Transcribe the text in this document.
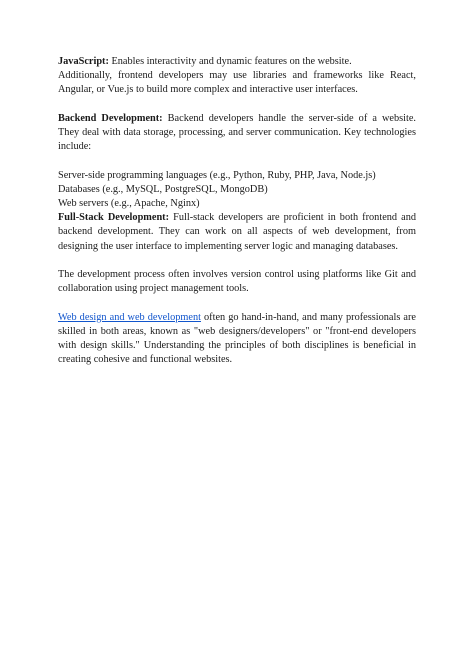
JavaScript: Enables interactivity and dynamic features on the website.

Additionally, frontend developers may use libraries and frameworks like React, Angular, or Vue.js to build more complex and interactive user interfaces.

Backend Development: Backend developers handle the server-side of a website. They deal with data storage, processing, and server communication. Key technologies include:

Server-side programming languages (e.g., Python, Ruby, PHP, Java, Node.js)

Databases (e.g., MySQL, PostgreSQL, MongoDB)

Web servers (e.g., Apache, Nginx)

Full-Stack Development: Full-stack developers are proficient in both frontend and backend development. They can work on all aspects of web development, from designing the user interface to implementing server logic and managing databases.

The development process often involves version control using platforms like Git and collaboration using project management tools.

Web design and web development often go hand-in-hand, and many professionals are skilled in both areas, known as "web designers/developers" or "front-end developers with design skills." Understanding the principles of both disciplines is beneficial in creating cohesive and functional websites.
